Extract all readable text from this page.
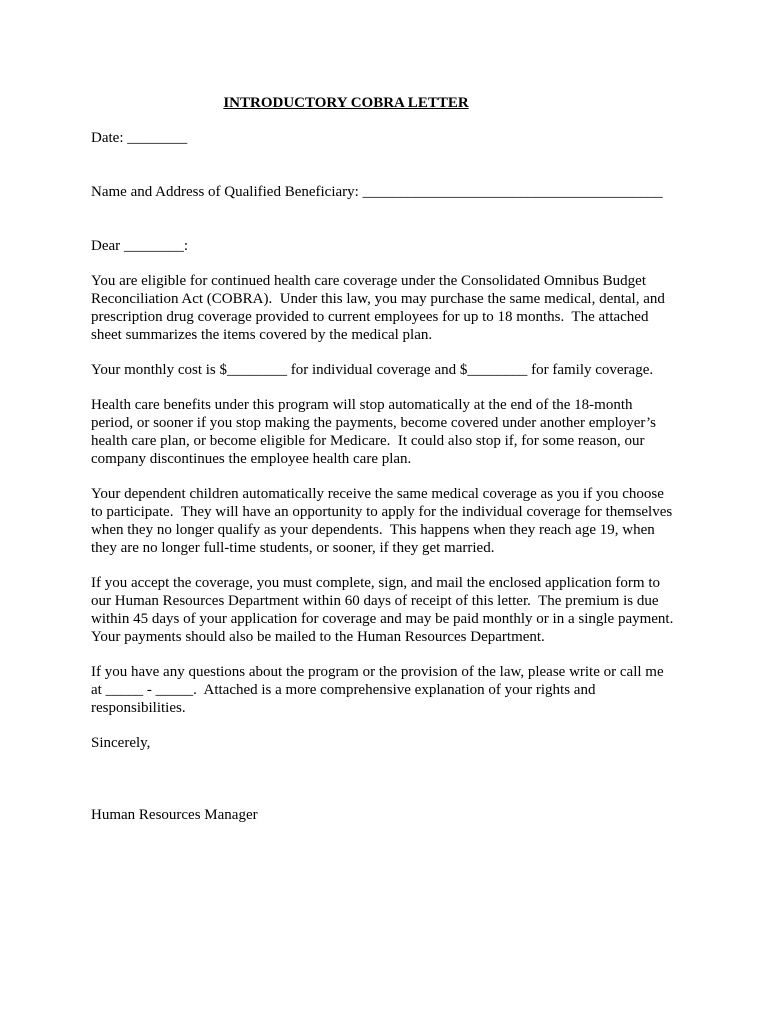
INTRODUCTORY COBRA LETTER

Date: ________

Name and Address of Qualified Beneficiary: ________________________________________

Dear ________:

You are eligible for continued health care coverage under the Consolidated Omnibus Budget
Reconciliation Act (COBRA).  Under this law, you may purchase the same medical, dental, and
prescription drug coverage provided to current employees for up to 18 months.  The attached
sheet summarizes the items covered by the medical plan.

Your monthly cost is $________ for individual coverage and $________ for family coverage.

Health care benefits under this program will stop automatically at the end of the 18-month
period, or sooner if you stop making the payments, become covered under another employer’s
health care plan, or become eligible for Medicare.  It could also stop if, for some reason, our
company discontinues the employee health care plan.

Your dependent children automatically receive the same medical coverage as you if you choose
to participate.  They will have an opportunity to apply for the individual coverage for themselves
when they no longer qualify as your dependents.  This happens when they reach age 19, when
they are no longer full-time students, or sooner, if they get married.

If you accept the coverage, you must complete, sign, and mail the enclosed application form to
our Human Resources Department within 60 days of receipt of this letter.  The premium is due
within 45 days of your application for coverage and may be paid monthly or in a single payment.
Your payments should also be mailed to the Human Resources Department.

If you have any questions about the program or the provision of the law, please write or call me
at _____ - _____.  Attached is a more comprehensive explanation of your rights and
responsibilities.

Sincerely,

Human Resources Manager
